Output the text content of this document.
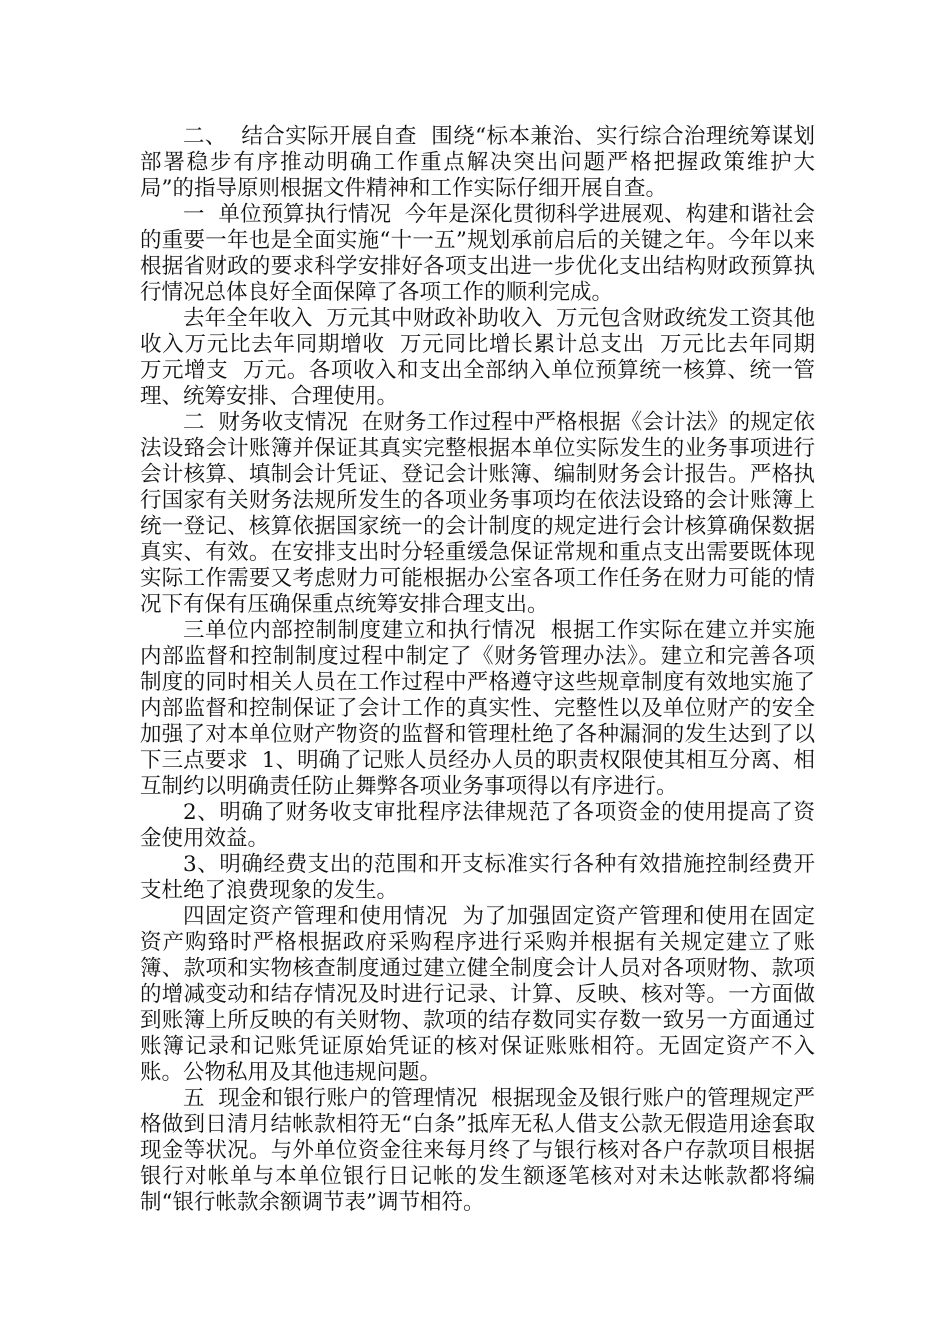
二、  结合实际开展自查  围绕“标本兼治、实行综合治理统筹谋划部署稳步有序推动明确工作重点解决突出问题严格把握政策维护大局”的指导原则根据文件精神和工作实际仔细开展自查。

一  单位预算执行情况  今年是深化贯彻科学进展观、构建和谐社会的重要一年也是全面实施“十一五”规划承前启后的关键之年。今年以来根据省财政的要求科学安排好各项支出进一步优化支出结构财政预算执行情况总体良好全面保障了各项工作的顺利完成。

去年全年收入  万元其中财政补助收入  万元包含财政统发工资其他收入万元比去年同期增收  万元同比增长累计总支出  万元比去年同期  万元增支  万元。各项收入和支出全部纳入单位预算统一核算、统一管理、统筹安排、合理使用。

二  财务收支情况  在财务工作过程中严格根据《会计法》的规定依法设臵会计账簿并保证其真实完整根据本单位实际发生的业务事项进行会计核算、填制会计凭证、登记会计账簿、编制财务会计报告。严格执行国家有关财务法规所发生的各项业务事项均在依法设臵的会计账簿上统一登记、核算依据国家统一的会计制度的规定进行会计核算确保数据真实、有效。在安排支出时分轻重缓急保证常规和重点支出需要既体现实际工作需要又考虑财力可能根据办公室各项工作任务在财力可能的情况下有保有压确保重点统筹安排合理支出。

三单位内部控制制度建立和执行情况  根据工作实际在建立并实施内部监督和控制制度过程中制定了《财务管理办法》。建立和完善各项制度的同时相关人员在工作过程中严格遵守这些规章制度有效地实施了内部监督和控制保证了会计工作的真实性、完整性以及单位财产的安全加强了对本单位财产物资的监督和管理杜绝了各种漏洞的发生达到了以下三点要求  1、明确了记账人员经办人员的职责权限使其相互分离、相互制约以明确责任防止舞弊各项业务事项得以有序进行。

2、明确了财务收支审批程序法律规范了各项资金的使用提高了资金使用效益。

3、明确经费支出的范围和开支标准实行各种有效措施控制经费开支杜绝了浪费现象的发生。

四固定资产管理和使用情况  为了加强固定资产管理和使用在固定资产购臵时严格根据政府采购程序进行采购并根据有关规定建立了账簿、款项和实物核查制度通过建立健全制度会计人员对各项财物、款项的增减变动和结存情况及时进行记录、计算、反映、核对等。一方面做到账簿上所反映的有关财物、款项的结存数同实存数一致另一方面通过账簿记录和记账凭证原始凭证的核对保证账账相符。无固定资产不入账。公物私用及其他违规问题。

五  现金和银行账户的管理情况  根据现金及银行账户的管理规定严格做到日清月结帐款相符无“白条”抵库无私人借支公款无假造用途套取现金等状况。与外单位资金往来每月终了与银行核对各户存款项目根据银行对帐单与本单位银行日记帐的发生额逐笔核对对未达帐款都将编制“银行帐款余额调节表”调节相符。
